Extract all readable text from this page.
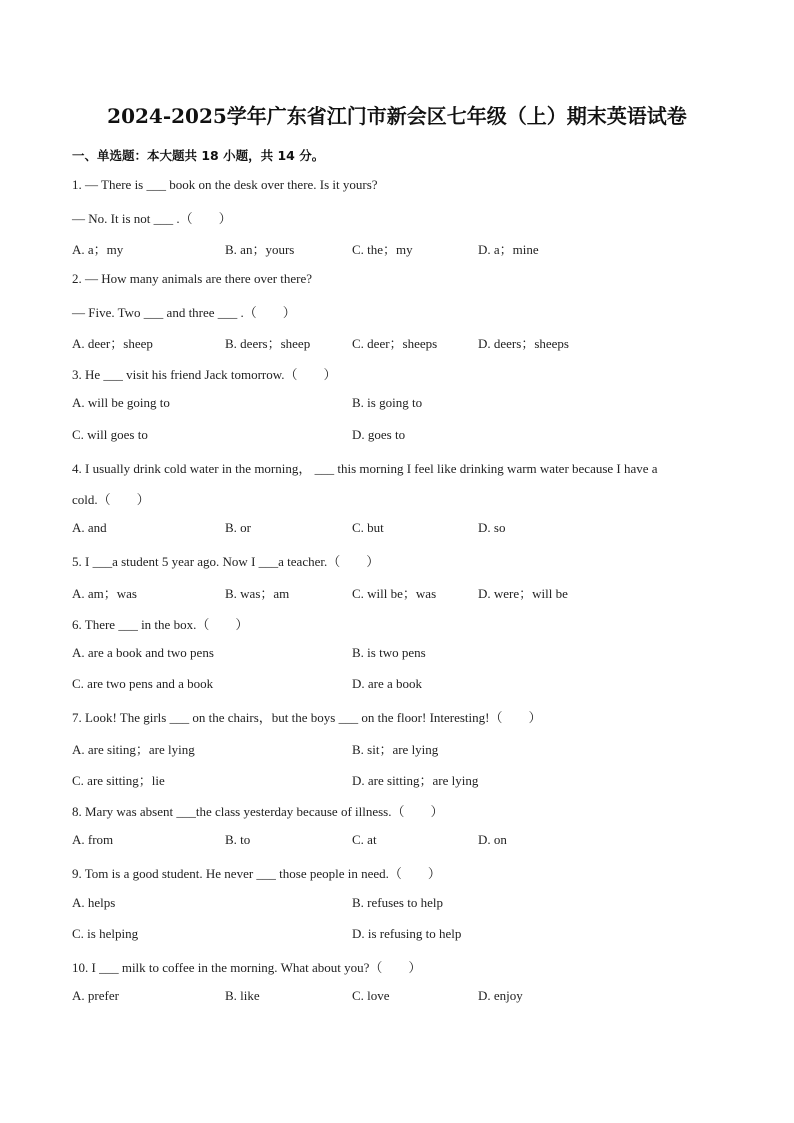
2024-2025学年广东省江门市新会区七年级（上）期末英语试卷
一、单选题：本大题共 18 小题，共 14 分。
1. — There is ___ book on the desk over there. Is it yours?
— No. It is not ___ .（　　）
A. a；my	B. an；yours	C. the；my	D. a；mine
2. — How many animals are there over there?
— Five. Two ___ and three ___ .（　　）
A. deer；sheep	B. deers；sheep	C. deer；sheeps	D. deers；sheeps
3. He ___ visit his friend Jack tomorrow.（　　）
A. will be going to	B. is going to
C. will goes to	D. goes to
4. I usually drink cold water in the morning， ___ this morning I feel like drinking warm water because I have a
cold.（　　）
A. and	B. or	C. but	D. so
5. I ___a student 5 year ago. Now I ___a teacher.（　　）
A. am；was	B. was；am	C. will be；was	D. were；will be
6. There ___ in the box.（　　）
A. are a book and two pens	B. is two pens
C. are two pens and a book	D. are a book
7. Look! The girls ___ on the chairs，but the boys ___ on the floor! Interesting!（　　）
A. are siting；are lying	B. sit；are lying
C. are sitting；lie	D. are sitting；are lying
8. Mary was absent ___the class yesterday because of illness.（　　）
A. from	B. to	C. at	D. on
9. Tom is a good student. He never ___ those people in need.（　　）
A. helps	B. refuses to help
C. is helping	D. is refusing to help
10. I ___ milk to coffee in the morning. What about you?（　　）
A. prefer	B. like	C. love	D. enjoy
